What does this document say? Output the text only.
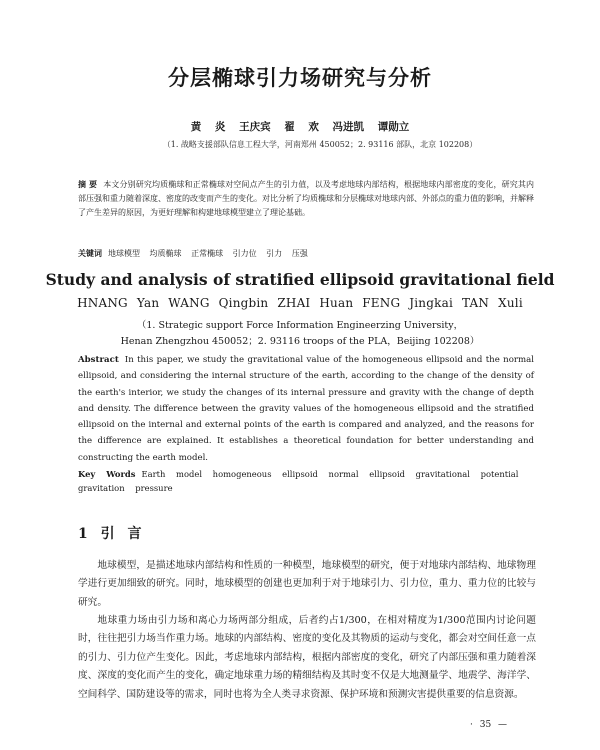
分层椭球引力场研究与分析
黄 炎 王庆宾 翟 欢 冯进凯 谭勋立
（1. 战略支援部队信息工程大学，河南郑州 450052；2. 93116 部队，北京 102208）
摘 要 本文分别研究均质椭球和正常椭球对空间点产生的引力值，以及考虑地球内部结构，根据地球内部密度的变化，研究其内部压强和重力随着深度、密度的改变而产生的变化。对比分析了均质椭球和分层椭球对地球内部、外部点的重力值的影响，并解释了产生差异的原因，为更好理解和构建地球模型建立了理论基础。
关键词 地球模型 均质椭球 正常椭球 引力位 引力 压强
Study and analysis of stratified ellipsoid gravitational field
HNANG Yan WANG Qingbin ZHAI Huan FENG Jingkai TAN Xuli
（1. Strategic support Force Information Engineerzing University，
Henan Zhengzhou 450052；2. 93116 troops of the PLA，Beijing 102208）
Abstract In this paper, we study the gravitational value of the homogeneous ellipsoid and the normal ellipsoid, and considering the internal structure of the earth, according to the change of the density of the earth's interior, we study the changes of its internal pressure and gravity with the change of depth and density. The difference between the gravity values of the homogeneous ellipsoid and the stratified ellipsoid on the internal and external points of the earth is compared and analyzed, and the reasons for the difference are explained. It establishes a theoretical foundation for better understanding and constructing the earth model.
Key Words Earth model homogeneous ellipsoid normal ellipsoid gravitational potential gravitation pressure
1 引 言

地球模型，是描述地球内部结构和性质的一种模型，地球模型的研究，便于对地球内部结构、地球物理学进行更加细致的研究。同时，地球模型的创建也更加利于对于地球引力、引力位，重力、重力位的比较与研究。

地球重力场由引力场和离心力场两部分组成，后者约占1/300，在相对精度为1/300范围内讨论问题时，往往把引力场当作重力场。地球的内部结构、密度的变化及其物质的运动与变化，都会对空间任意一点的引力、引力位产生变化。因此，考虑地球内部结构，根据内部密度的变化，研究了内部压强和重力随着深度、深度的变化而产生的变化，确定地球重力场的精细结构及其时变不仅是大地测量学、地震学、海洋学、空间科学、国防建设等的需求，同时也将为全人类寻求资源、保护环境和预测灾害提供重要的信息资源。

· 35 —
